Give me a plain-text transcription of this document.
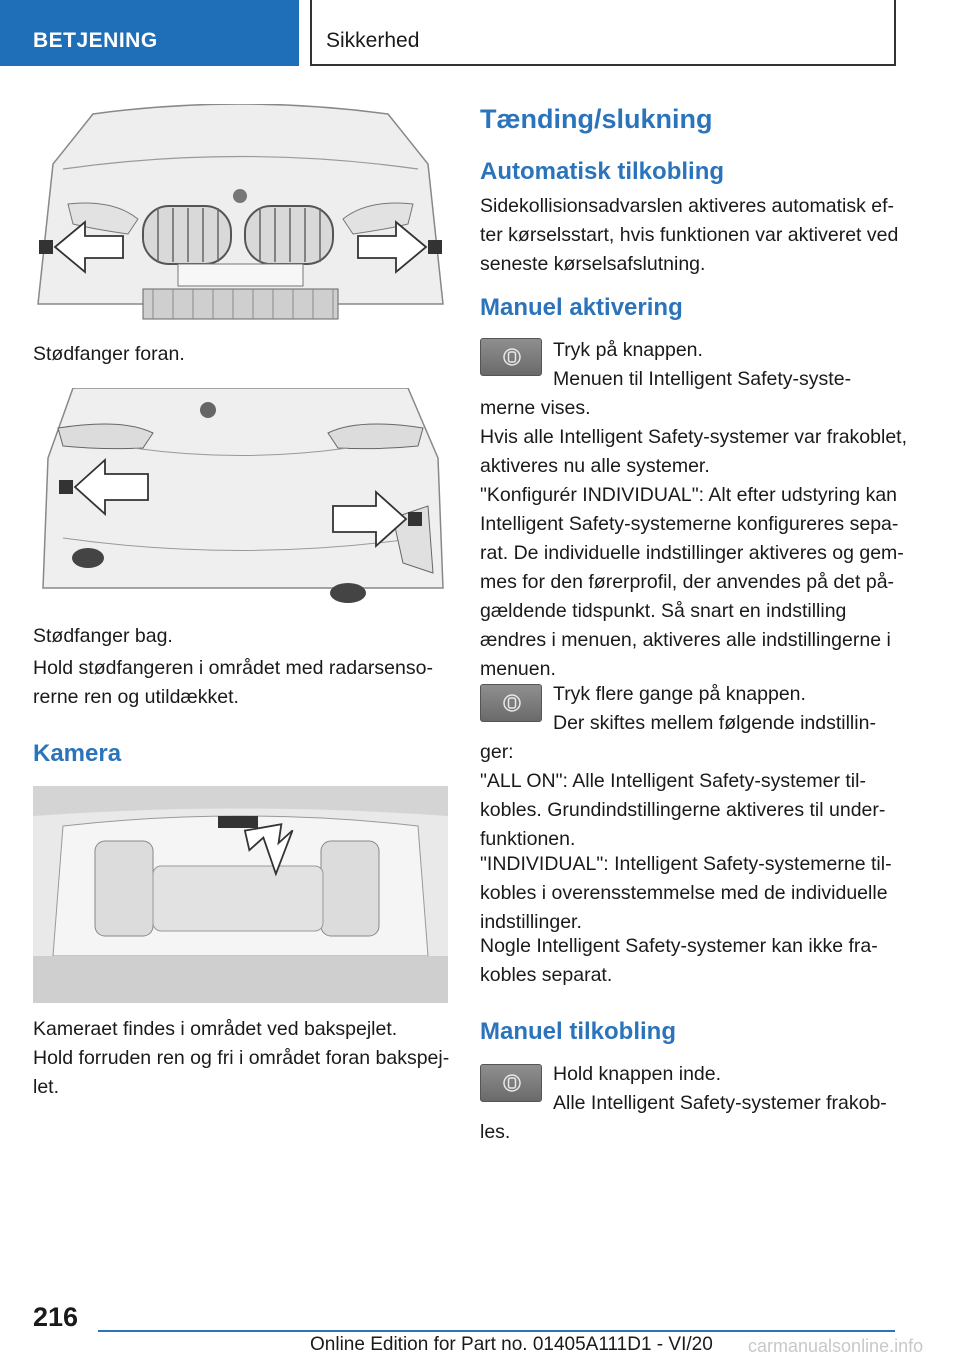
BETJENING	Sikkerhed
Stødfanger foran.
Stødfanger bag.
Hold stødfangeren i området med radarsenso-
rerne ren og utildækket.
Kamera
Kameraet findes i området ved bakspejlet.
Hold forruden ren og fri i området foran bakspej-
let.
Tænding/slukning
Automatisk tilkobling
Sidekollisionsadvarslen aktiveres automatisk ef-
ter kørselsstart, hvis funktionen var aktiveret ved
seneste kørselsafslutning.
Manuel aktivering
Tryk på knappen.
Menuen til Intelligent Safety-syste-
merne vises.
Hvis alle Intelligent Safety-systemer var frakoblet,
aktiveres nu alle systemer.
"Konfigurér INDIVIDUAL": Alt efter udstyring kan
Intelligent Safety-systemerne konfigureres sepa-
rat. De individuelle indstillinger aktiveres og gem-
mes for den førerprofil, der anvendes på det på-
gældende tidspunkt. Så snart en indstilling
ændres i menuen, aktiveres alle indstillingerne i
menuen.
Tryk flere gange på knappen.
Der skiftes mellem følgende indstillin-
ger:
"ALL ON": Alle Intelligent Safety-systemer til-
kobles. Grundindstillingerne aktiveres til under-
funktionen.
"INDIVIDUAL": Intelligent Safety-systemerne til-
kobles i overensstemmelse med de individuelle
indstillinger.
Nogle Intelligent Safety-systemer kan ikke fra-
kobles separat.
Manuel tilkobling
Hold knappen inde.
Alle Intelligent Safety-systemer frakob-
les.
216
Online Edition for Part no. 01405A111D1 - VI/20 carmanualsonline.info
